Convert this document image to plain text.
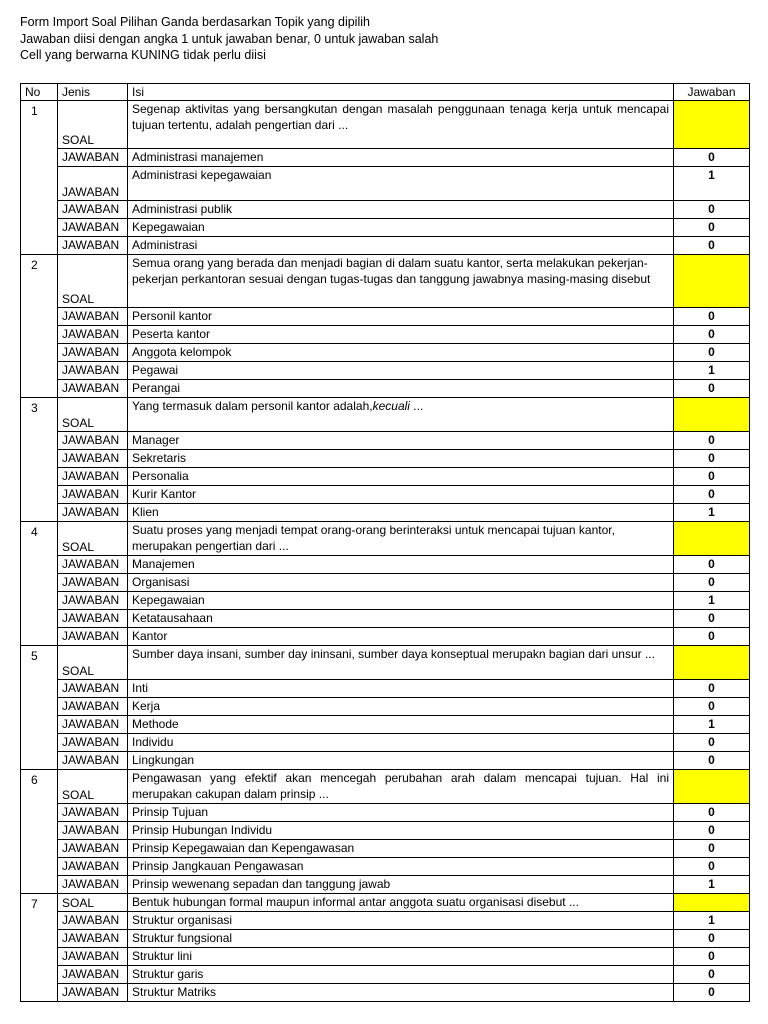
Form Import Soal Pilihan Ganda berdasarkan Topik yang dipilih
Jawaban diisi dengan angka 1 untuk jawaban benar, 0 untuk jawaban salah
Cell yang berwarna KUNING tidak perlu diisi
No	Jenis	Isi	Jawaban
1	SOAL	Segenap aktivitas yang bersangkutan dengan masalah penggunaan tenaga kerja untuk mencapai tujuan tertentu, adalah pengertian dari ...	
	JAWABAN	Administrasi manajemen	0
	JAWABAN	Administrasi kepegawaian	1
	JAWABAN	Administrasi publik	0
	JAWABAN	Kepegawaian	0
	JAWABAN	Administrasi	0
2	SOAL	Semua orang yang berada dan menjadi bagian di dalam suatu kantor, serta melakukan pekerjan-pekerjan perkantoran sesuai dengan tugas-tugas dan tanggung jawabnya masing-masing disebut	
	JAWABAN	Personil kantor	0
	JAWABAN	Peserta kantor	0
	JAWABAN	Anggota kelompok	0
	JAWABAN	Pegawai	1
	JAWABAN	Perangai	0
3	SOAL	Yang termasuk dalam personil kantor adalah,kecuali ...	
	JAWABAN	Manager	0
	JAWABAN	Sekretaris	0
	JAWABAN	Personalia	0
	JAWABAN	Kurir Kantor	0
	JAWABAN	Klien	1
4	SOAL	Suatu proses yang menjadi tempat orang-orang berinteraksi untuk mencapai tujuan kantor, merupakan pengertian dari ...	
	JAWABAN	Manajemen	0
	JAWABAN	Organisasi	0
	JAWABAN	Kepegawaian	1
	JAWABAN	Ketatausahaan	0
	JAWABAN	Kantor	0
5	SOAL	Sumber daya insani, sumber day ininsani, sumber daya konseptual merupakn bagian dari unsur ...	
	JAWABAN	Inti	0
	JAWABAN	Kerja	0
	JAWABAN	Methode	1
	JAWABAN	Individu	0
	JAWABAN	Lingkungan	0
6	SOAL	Pengawasan yang efektif akan mencegah perubahan arah dalam mencapai tujuan. Hal ini merupakan cakupan dalam prinsip ...	
	JAWABAN	Prinsip Tujuan	0
	JAWABAN	Prinsip Hubungan Individu	0
	JAWABAN	Prinsip Kepegawaian dan Kepengawasan	0
	JAWABAN	Prinsip Jangkauan Pengawasan	0
	JAWABAN	Prinsip wewenang sepadan dan tanggung jawab	1
7	SOAL	Bentuk hubungan formal maupun informal antar anggota suatu organisasi disebut ...	
	JAWABAN	Struktur organisasi	1
	JAWABAN	Struktur fungsional	0
	JAWABAN	Struktur lini	0
	JAWABAN	Struktur garis	0
	JAWABAN	Struktur Matriks	0
